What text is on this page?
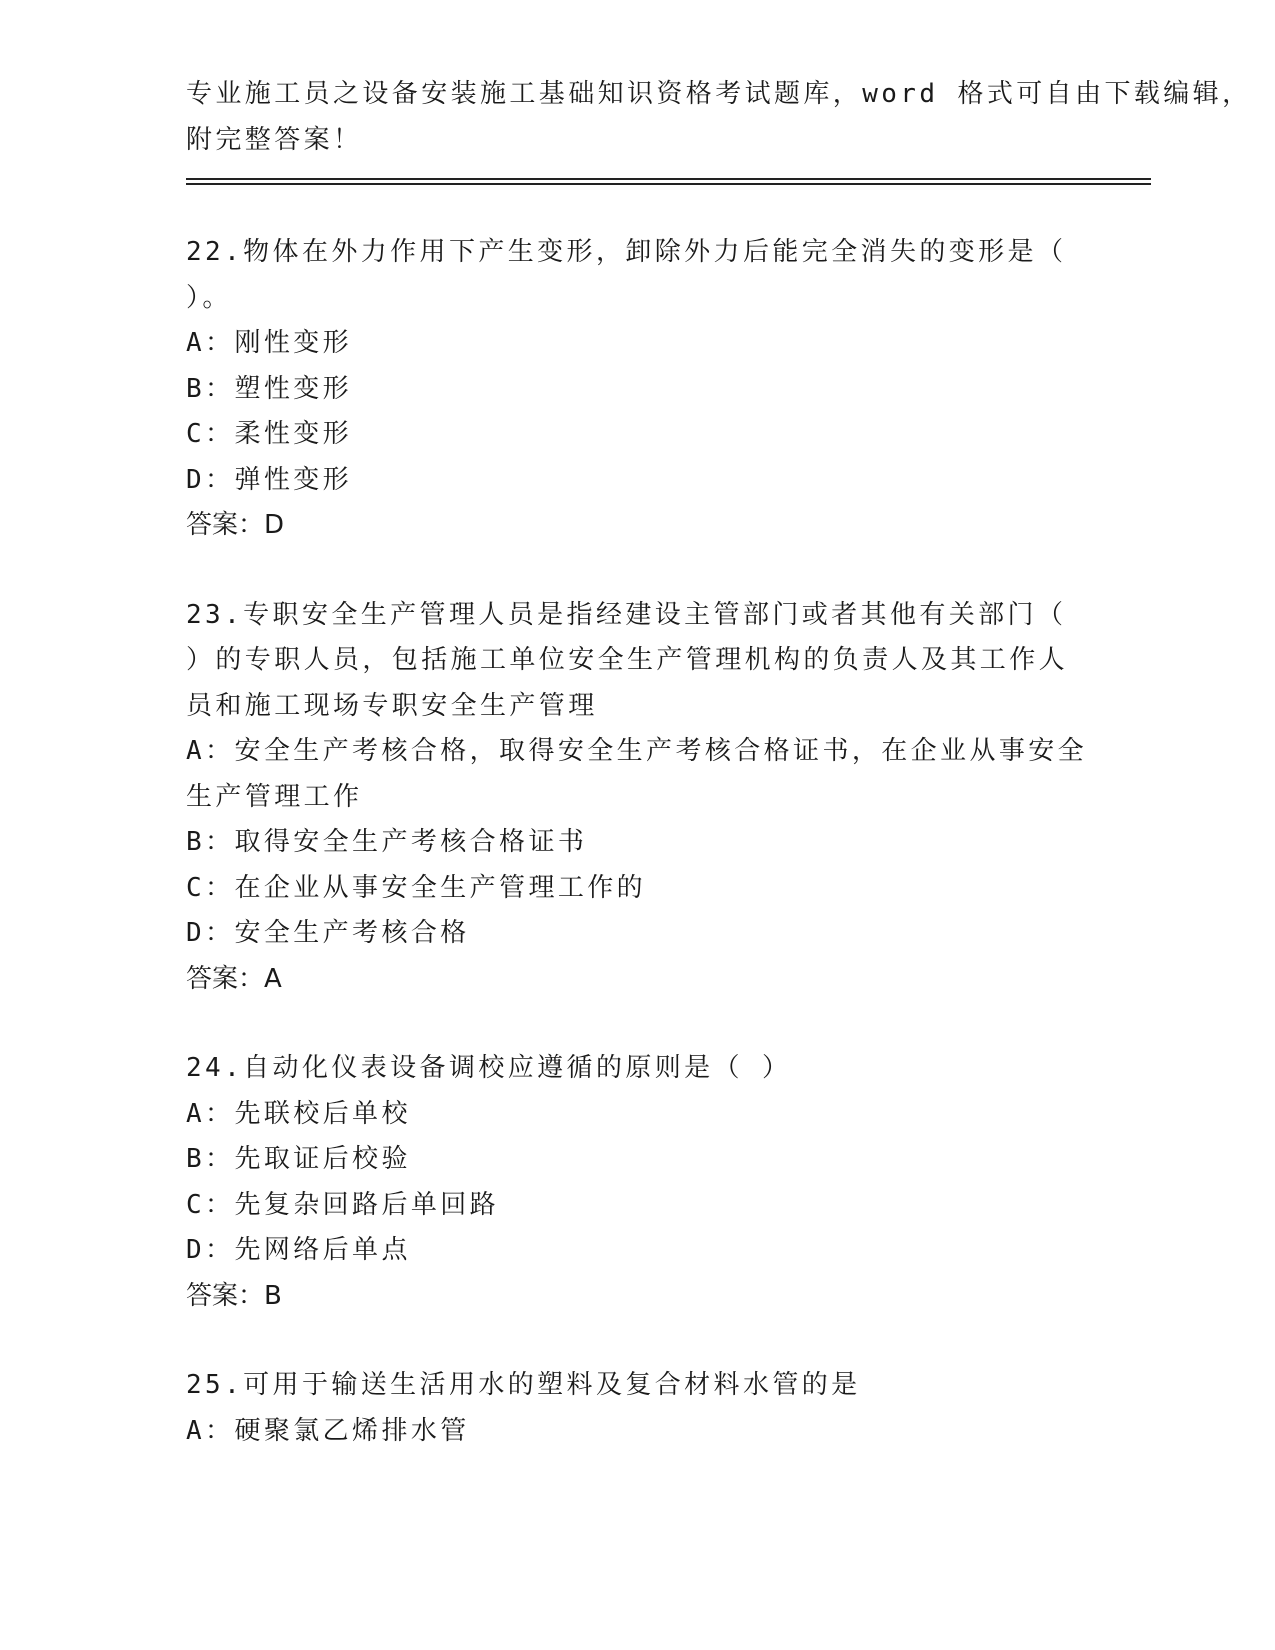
专业施工员之设备安装施工基础知识资格考试题库，word 格式可自由下载编辑，
附完整答案！
22.物体在外力作用下产生变形，卸除外力后能完全消失的变形是（
）。
A：刚性变形
B：塑性变形
C：柔性变形
D：弹性变形
答案：D
23.专职安全生产管理人员是指经建设主管部门或者其他有关部门（
）的专职人员，包括施工单位安全生产管理机构的负责人及其工作人
员和施工现场专职安全生产管理
A：安全生产考核合格，取得安全生产考核合格证书，在企业从事安全
生产管理工作
B：取得安全生产考核合格证书
C：在企业从事安全生产管理工作的
D：安全生产考核合格
答案：A
24.自动化仪表设备调校应遵循的原则是（ ）
A：先联校后单校
B：先取证后校验
C：先复杂回路后单回路
D：先网络后单点
答案：B
25.可用于输送生活用水的塑料及复合材料水管的是
A：硬聚氯乙烯排水管
